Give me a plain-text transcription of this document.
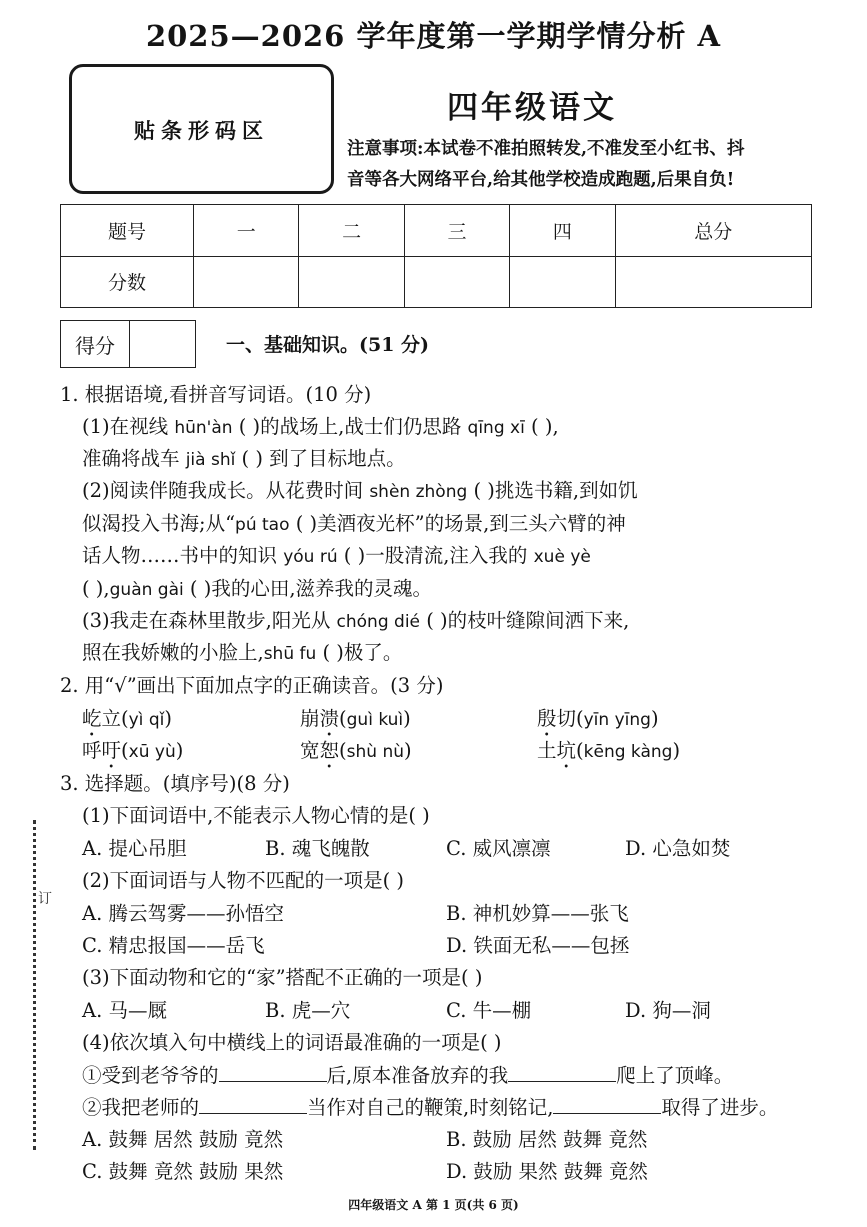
2025—2026 学年度第一学期学情分析 A
贴条形码区
四年级语文
注意事项:本试卷不准拍照转发,不准发至小红书、抖
音等各大网络平台,给其他学校造成跑题,后果自负!
题号	一	二	三	四	总分
分数					
得分	一、基础知识。(51 分)
1. 根据语境,看拼音写词语。(10 分)
(1)在视线 hūn'àn ( )的战场上,战士们仍思路 qīng xī ( ),
准确将战车 jià shǐ ( ) 到了目标地点。
(2)阅读伴随我成长。从花费时间 shèn zhòng ( )挑选书籍,到如饥
似渴投入书海;从“pú tao ( )美酒夜光杯”的场景,到三头六臂的神
话人物……书中的知识 yóu rú ( )一股清流,注入我的 xuè yè
( ),guàn gài ( )我的心田,滋养我的灵魂。
(3)我走在森林里散步,阳光从 chóng dié ( )的枝叶缝隙间洒下来,
照在我娇嫩的小脸上,shū fu ( )极了。
2. 用“√”画出下面加点字的正确读音。(3 分)
屹立(yì qǐ)	崩溃(guì kuì)	殷切(yīn yīng)
呼吁(xū yù)	宽恕(shù nù)	土坑(kēng kàng)
3. 选择题。(填序号)(8 分)
(1)下面词语中,不能表示人物心情的是( )
A. 提心吊胆	B. 魂飞魄散	C. 威风凛凛	D. 心急如焚
(2)下面词语与人物不匹配的一项是( )
A. 腾云驾雾——孙悟空	B. 神机妙算——张飞
C. 精忠报国——岳飞	D. 铁面无私——包拯
(3)下面动物和它的“家”搭配不正确的一项是( )
A. 马—厩	B. 虎—穴	C. 牛—棚	D. 狗—洞
(4)依次填入句中横线上的词语最准确的一项是( )
①受到老爷爷的	后,原本准备放弃的我	爬上了顶峰。
②我把老师的	当作对自己的鞭策,时刻铭记,	取得了进步。
A. 鼓舞 居然 鼓励 竟然	B. 鼓励 居然 鼓舞 竟然
C. 鼓舞 竟然 鼓励 果然	D. 鼓励 果然 鼓舞 竟然
订
四年级语文 A 第 1 页(共 6 页)
